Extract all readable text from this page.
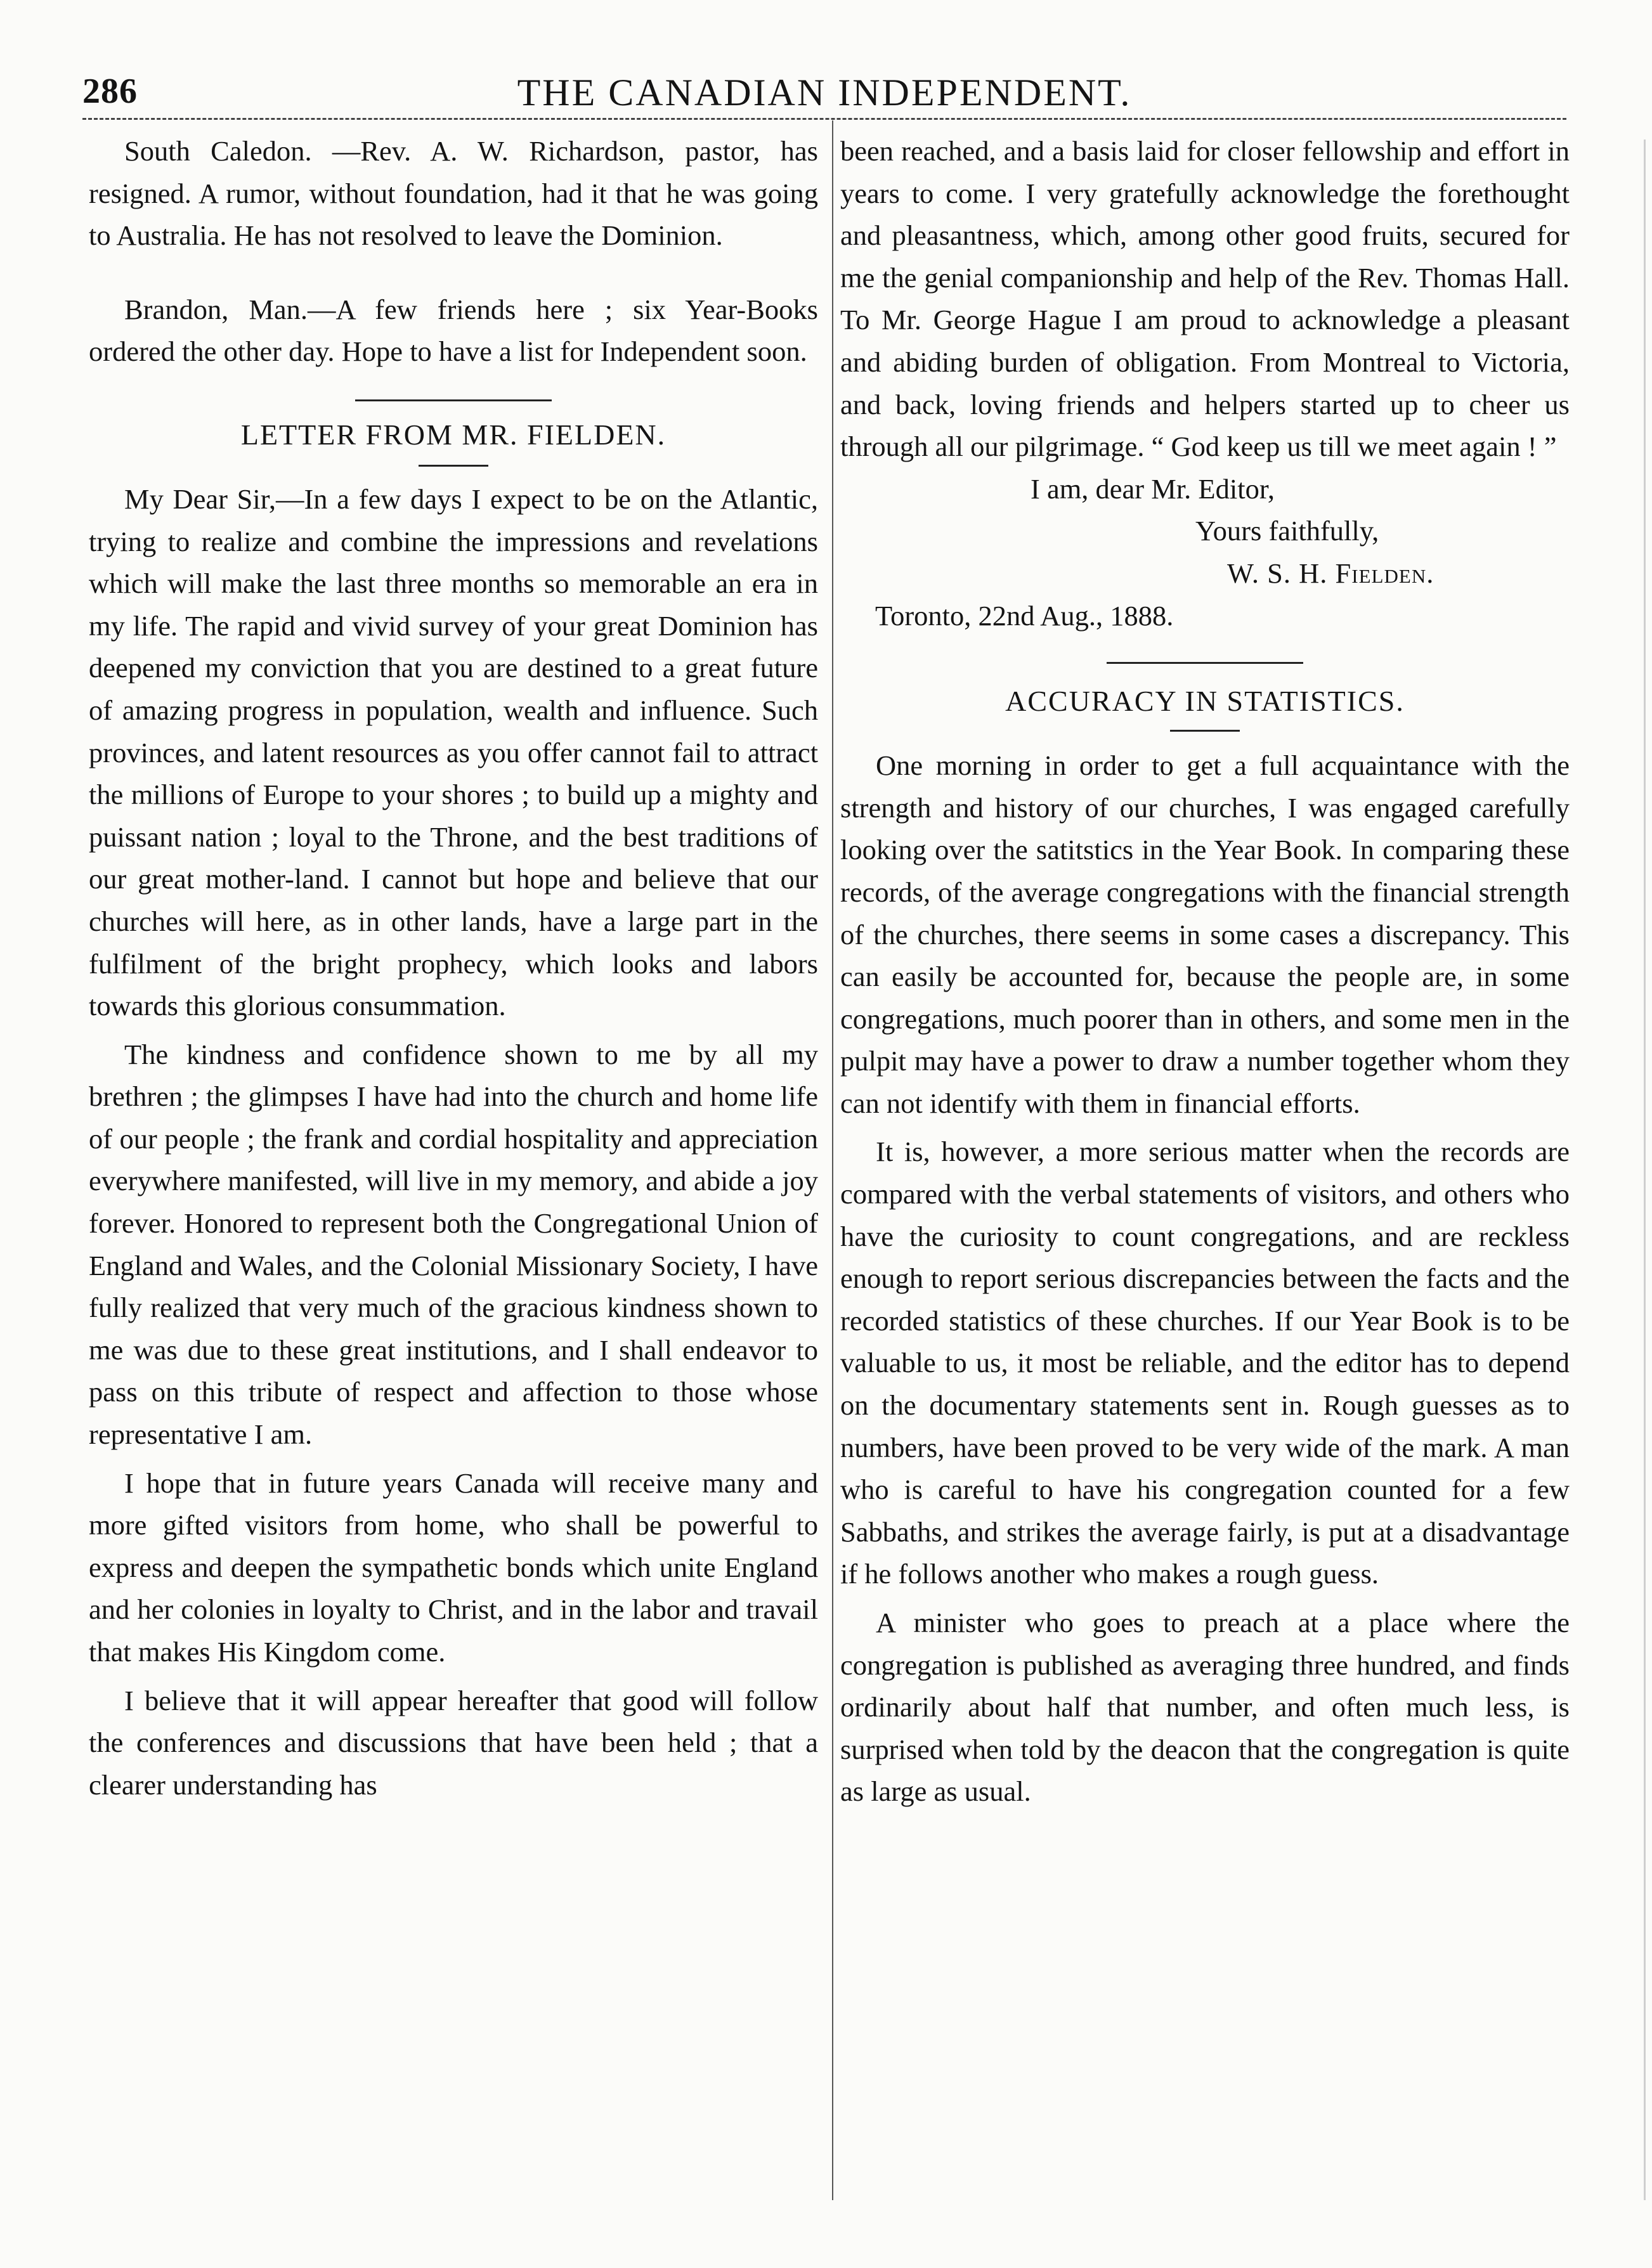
286	THE CANADIAN INDEPENDENT.

South Caledon. —Rev. A. W. Richardson, pastor, has resigned. A rumor, without foundation, had it that he was going to Australia. He has not resolved to leave the Dominion.

Brandon, Man.—A few friends here ; six Year-Books ordered the other day. Hope to have a list for Independent soon.

LETTER FROM MR. FIELDEN.

My Dear Sir,—In a few days I expect to be on the Atlantic, trying to realize and combine the impressions and revelations which will make the last three months so memorable an era in my life. The rapid and vivid survey of your great Dominion has deepened my conviction that you are destined to a great future of amazing progress in population, wealth and influence. Such provinces, and latent resources as you offer cannot fail to attract the millions of Europe to your shores ; to build up a mighty and puissant nation ; loyal to the Throne, and the best traditions of our great mother-land. I cannot but hope and believe that our churches will here, as in other lands, have a large part in the fulfilment of the bright prophecy, which looks and labors towards this glorious consummation.

The kindness and confidence shown to me by all my brethren ; the glimpses I have had into the church and home life of our people ; the frank and cordial hospitality and appreciation everywhere manifested, will live in my memory, and abide a joy forever. Honored to represent both the Congregational Union of England and Wales, and the Colonial Missionary Society, I have fully realized that very much of the gracious kindness shown to me was due to these great institutions, and I shall endeavor to pass on this tribute of respect and affection to those whose representative I am.

I hope that in future years Canada will receive many and more gifted visitors from home, who shall be powerful to express and deepen the sympathetic bonds which unite England and her colonies in loyalty to Christ, and in the labor and travail that makes His Kingdom come.

I believe that it will appear hereafter that good will follow the conferences and discussions that have been held ; that a clearer understanding has

been reached, and a basis laid for closer fellowship and effort in years to come. I very gratefully acknowledge the forethought and pleasantness, which, among other good fruits, secured for me the genial companionship and help of the Rev. Thomas Hall. To Mr. George Hague I am proud to acknowledge a pleasant and abiding burden of obligation. From Montreal to Victoria, and back, loving friends and helpers started up to cheer us through all our pilgrimage. “ God keep us till we meet again ! ”

I am, dear Mr. Editor,
Yours faithfully,
W. S. H. Fielden.
Toronto, 22nd Aug., 1888.
ACCURACY IN STATISTICS.

One morning in order to get a full acquaintance with the strength and history of our churches, I was engaged carefully looking over the satitstics in the Year Book. In comparing these records, of the average congregations with the financial strength of the churches, there seems in some cases a discrepancy. This can easily be accounted for, because the people are, in some congregations, much poorer than in others, and some men in the pulpit may have a power to draw a number together whom they can not identify with them in financial efforts.

It is, however, a more serious matter when the records are compared with the verbal statements of visitors, and others who have the curiosity to count congregations, and are reckless enough to report serious discrepancies between the facts and the recorded statistics of these churches. If our Year Book is to be valuable to us, it most be reliable, and the editor has to depend on the documentary statements sent in. Rough guesses as to numbers, have been proved to be very wide of the mark. A man who is careful to have his congregation counted for a few Sabbaths, and strikes the average fairly, is put at a disadvantage if he follows another who makes a rough guess.

A minister who goes to preach at a place where the congregation is published as averaging three hundred, and finds ordinarily about half that number, and often much less, is surprised when told by the deacon that the congregation is quite as large as usual.
